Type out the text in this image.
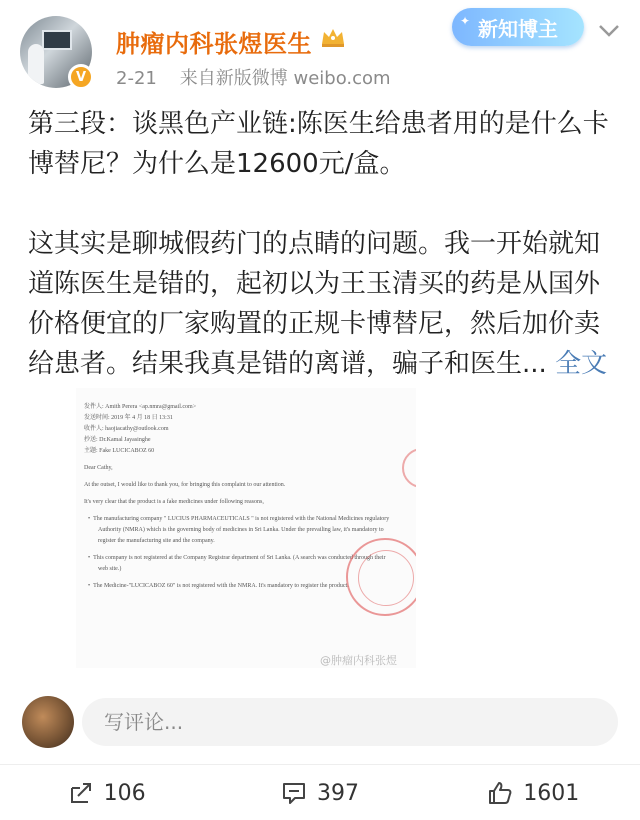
V
肿瘤内科张煜医生
2-21 来自新版微博 weibo.com
✦ 新知博主

第三段：谈黑色产业链:陈医生给患者用的是什么卡博替尼？为什么是12600元/盒。

这其实是聊城假药门的点睛的问题。我一开始就知道陈医生是错的，起初以为王玉清买的药是从国外价格便宜的厂家购置的正规卡博替尼，然后加价卖给患者。结果我真是错的离谱，骗子和医生... 全文

发件人: Amith Perera <ap.nmra@gmail.com>
发送时间: 2019 年 4 月 18 日 13:31
收件人: haojiacathy@outlook.com
抄送: Dr.Kamal Jayasinghe
主题: Fake LUCICABOZ 60
Dear Cathy,
At the outset, I would like to thank you, for bringing this complaint to our attention.
It's very clear that the product is a fake medicines under following reasons,
•  The manufacturing company " LUCIUS PHARMACEUTICALS " is not registered with the National Medicines regulatory Authority (NMRA) which is the governing body of medicines in Sri Lanka. Under the prevailing law, it's mandatory to register the manufacturing site and the company.
•  This company is not registered at the Company Registrar department of Sri Lanka. (A search was conducted through their web site.)
•  The Medicine-"LUCICABOZ 60" is not registered with the NMRA. It's mandatory to register the product.
@肿瘤内科张煜
写评论...
106	397	1601
